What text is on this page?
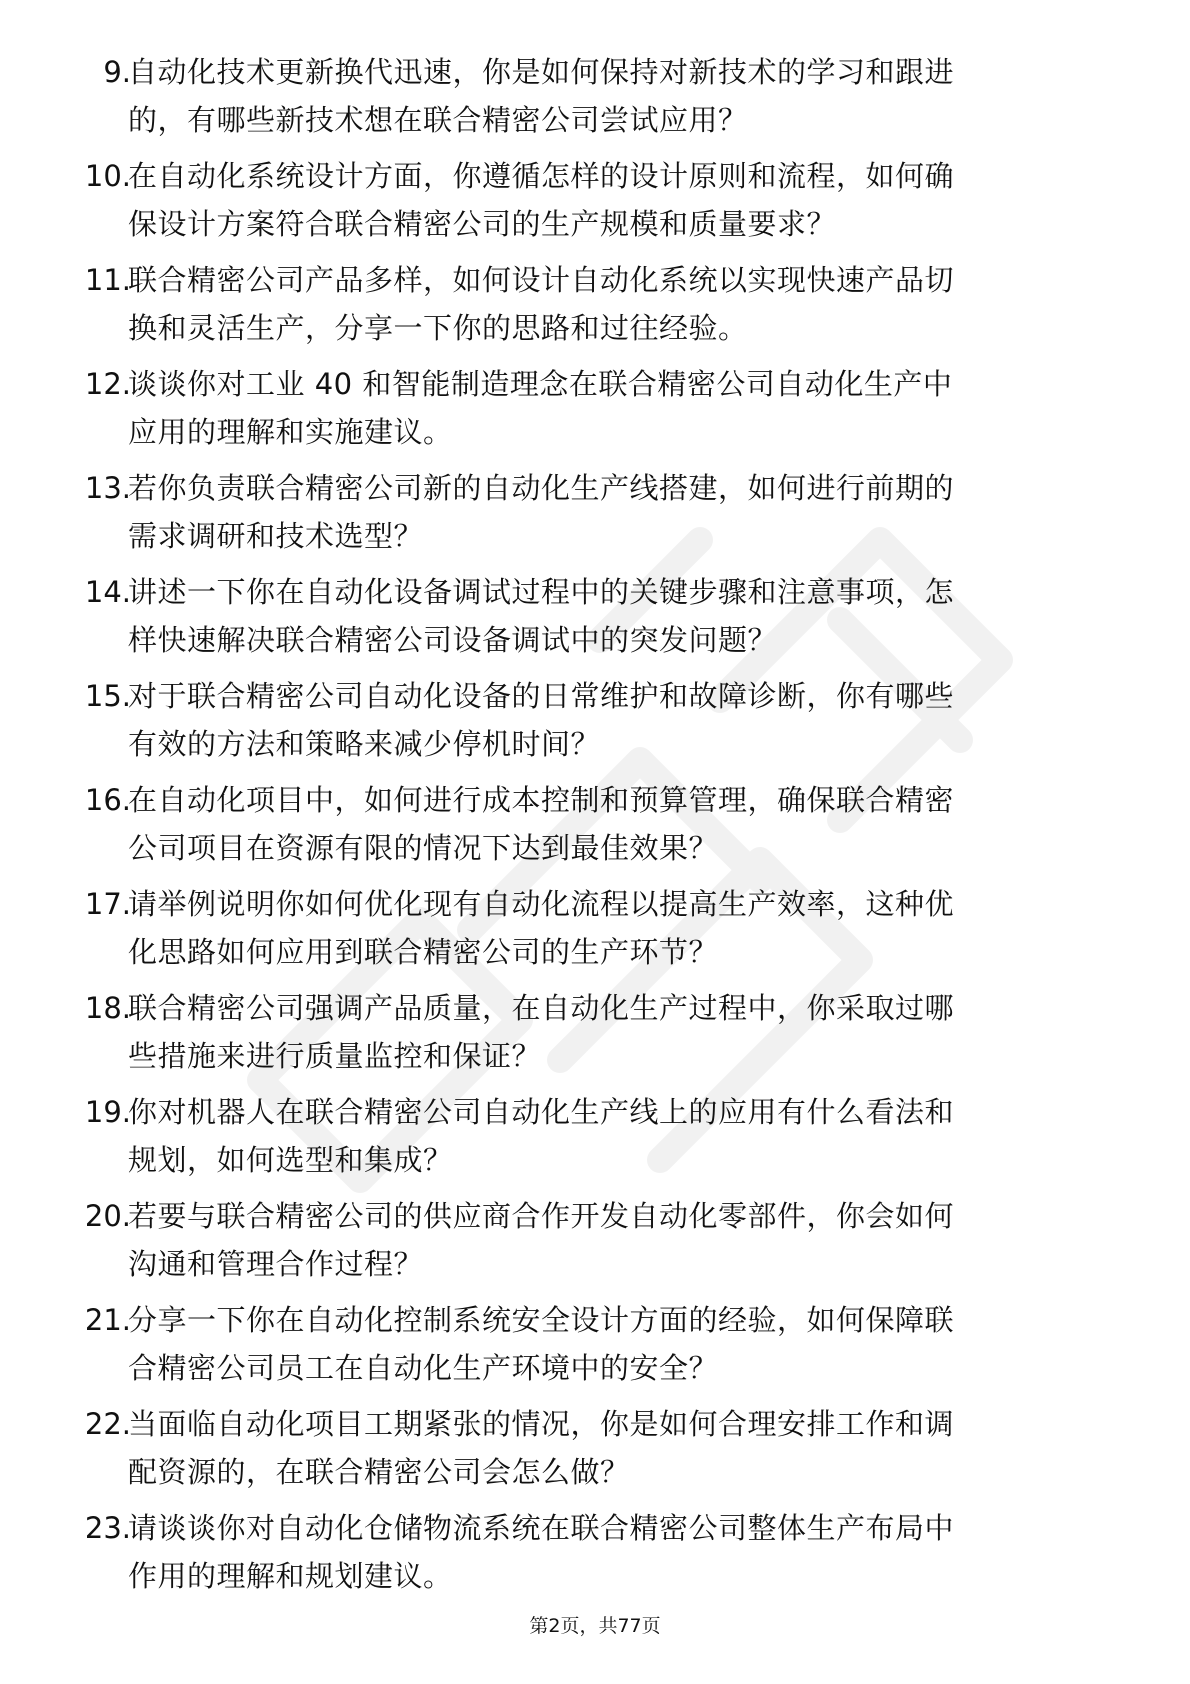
9.
自动化技术更新换代迅速，你是如何保持对新技术的学习和跟进
的，有哪些新技术想在联合精密公司尝试应用？
10.
在自动化系统设计方面，你遵循怎样的设计原则和流程，如何确
保设计方案符合联合精密公司的生产规模和质量要求？
11.
联合精密公司产品多样，如何设计自动化系统以实现快速产品切
换和灵活生产，分享一下你的思路和过往经验。
12.
谈谈你对工业 40 和智能制造理念在联合精密公司自动化生产中
应用的理解和实施建议。
13.
若你负责联合精密公司新的自动化生产线搭建，如何进行前期的
需求调研和技术选型？
14.
讲述一下你在自动化设备调试过程中的关键步骤和注意事项，怎
样快速解决联合精密公司设备调试中的突发问题？
15.
对于联合精密公司自动化设备的日常维护和故障诊断，你有哪些
有效的方法和策略来减少停机时间？
16.
在自动化项目中，如何进行成本控制和预算管理，确保联合精密
公司项目在资源有限的情况下达到最佳效果？
17.
请举例说明你如何优化现有自动化流程以提高生产效率，这种优
化思路如何应用到联合精密公司的生产环节？
18.
联合精密公司强调产品质量，在自动化生产过程中，你采取过哪
些措施来进行质量监控和保证？
19.
你对机器人在联合精密公司自动化生产线上的应用有什么看法和
规划，如何选型和集成？
20.
若要与联合精密公司的供应商合作开发自动化零部件，你会如何
沟通和管理合作过程？
21.
分享一下你在自动化控制系统安全设计方面的经验，如何保障联
合精密公司员工在自动化生产环境中的安全？
22.
当面临自动化项目工期紧张的情况，你是如何合理安排工作和调
配资源的，在联合精密公司会怎么做？
23.
请谈谈你对自动化仓储物流系统在联合精密公司整体生产布局中
作用的理解和规划建议。
第2页，共77页
